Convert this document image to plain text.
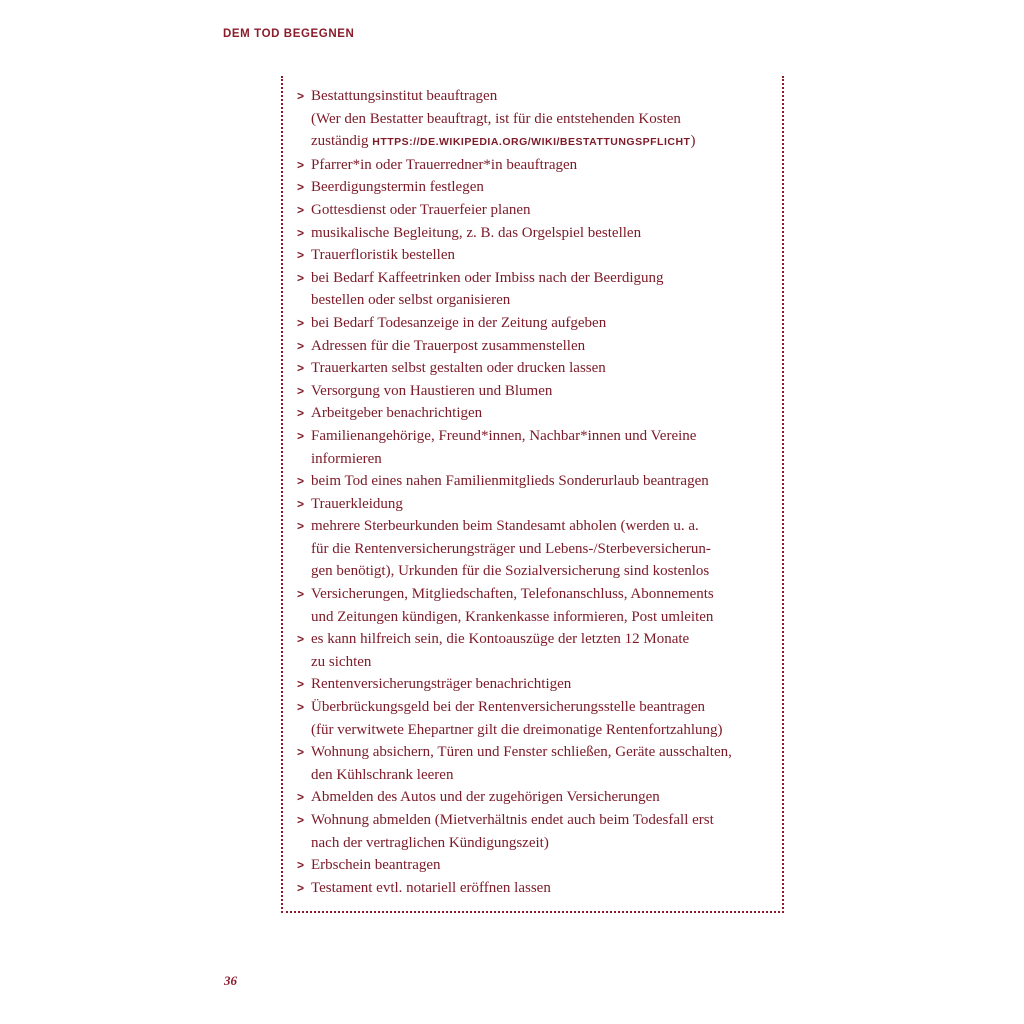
DEM TOD BEGEGNEN
> Bestattungsinstitut beauftragen
(Wer den Bestatter beauftragt, ist für die entstehenden Kosten
zuständig HTTPS://DE.WIKIPEDIA.ORG/WIKI/BESTATTUNGSPFLICHT)
> Pfarrer*in oder Trauerredner*in beauftragen
> Beerdigungstermin festlegen
> Gottesdienst oder Trauerfeier planen
> musikalische Begleitung, z. B. das Orgelspiel bestellen
> Trauerfloristik bestellen
> bei Bedarf Kaffeetrinken oder Imbiss nach der Beerdigung
bestellen oder selbst organisieren
> bei Bedarf Todesanzeige in der Zeitung aufgeben
> Adressen für die Trauerpost zusammenstellen
> Trauerkarten selbst gestalten oder drucken lassen
> Versorgung von Haustieren und Blumen
> Arbeitgeber benachrichtigen
> Familienangehörige, Freund*innen, Nachbar*innen und Vereine
informieren
> beim Tod eines nahen Familienmitglieds Sonderurlaub beantragen
> Trauerkleidung
> mehrere Sterbeurkunden beim Standesamt abholen (werden u. a.
für die Rentenversicherungsträger und Lebens-/Sterbeversicherun-
gen benötigt), Urkunden für die Sozialversicherung sind kostenlos
> Versicherungen, Mitgliedschaften, Telefonanschluss, Abonnements
und Zeitungen kündigen, Krankenkasse informieren, Post umleiten
> es kann hilfreich sein, die Kontoauszüge der letzten 12 Monate
zu sichten
> Rentenversicherungsträger benachrichtigen
> Überbrückungsgeld bei der Rentenversicherungsstelle beantragen
(für verwitwete Ehepartner gilt die dreimonatige Rentenfortzahlung)
> Wohnung absichern, Türen und Fenster schließen, Geräte ausschalten,
den Kühlschrank leeren
> Abmelden des Autos und der zugehörigen Versicherungen
> Wohnung abmelden (Mietverhältnis endet auch beim Todesfall erst
nach der vertraglichen Kündigungszeit)
> Erbschein beantragen
> Testament evtl. notariell eröffnen lassen
36
